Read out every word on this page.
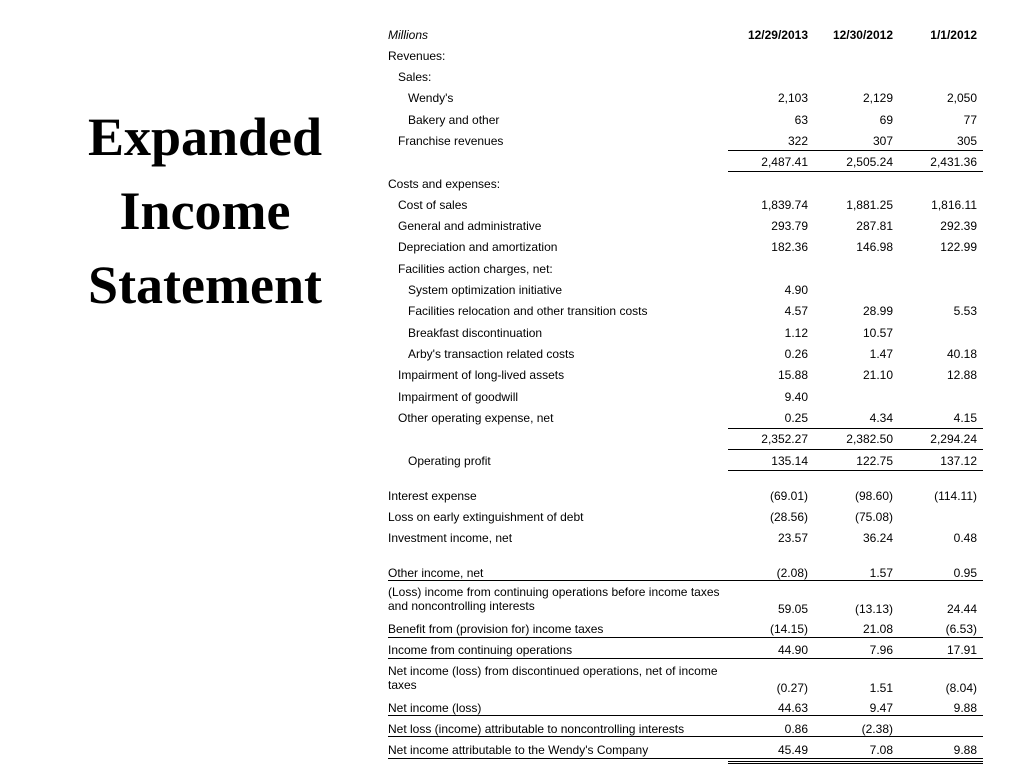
Expanded
Income
Statement
Millions	12/29/2013	12/30/2012	1/1/2012
Revenues:
Sales:
Wendy's	2,103	2,129	2,050
Bakery and other	63	69	77
Franchise revenues	322	307	305
2,487.41	2,505.24	2,431.36
Costs and expenses:
Cost of sales	1,839.74	1,881.25	1,816.11
General and administrative	293.79	287.81	292.39
Depreciation and amortization	182.36	146.98	122.99
Facilities action charges, net:
System optimization initiative	4.90
Facilities relocation and other transition costs	4.57	28.99	5.53
Breakfast discontinuation	1.12	10.57
Arby's transaction related costs	0.26	1.47	40.18
Impairment of long-lived assets	15.88	21.10	12.88
Impairment of goodwill	9.40
Other operating expense, net	0.25	4.34	4.15
2,352.27	2,382.50	2,294.24
Operating profit	135.14	122.75	137.12
Interest expense	(69.01)	(98.60)	(114.11)
Loss on early extinguishment of debt	(28.56)	(75.08)
Investment income, net	23.57	36.24	0.48
Other income, net	(2.08)	1.57	0.95
(Loss) income from continuing operations before income taxes and noncontrolling interests	59.05	(13.13)	24.44
Benefit from (provision for) income taxes	(14.15)	21.08	(6.53)
Income from continuing operations	44.90	7.96	17.91
Net income (loss) from discontinued operations, net of income taxes	(0.27)	1.51	(8.04)
Net income (loss)	44.63	9.47	9.88
Net loss (income) attributable to noncontrolling interests	0.86	(2.38)
Net income attributable to the Wendy's Company	45.49	7.08	9.88
